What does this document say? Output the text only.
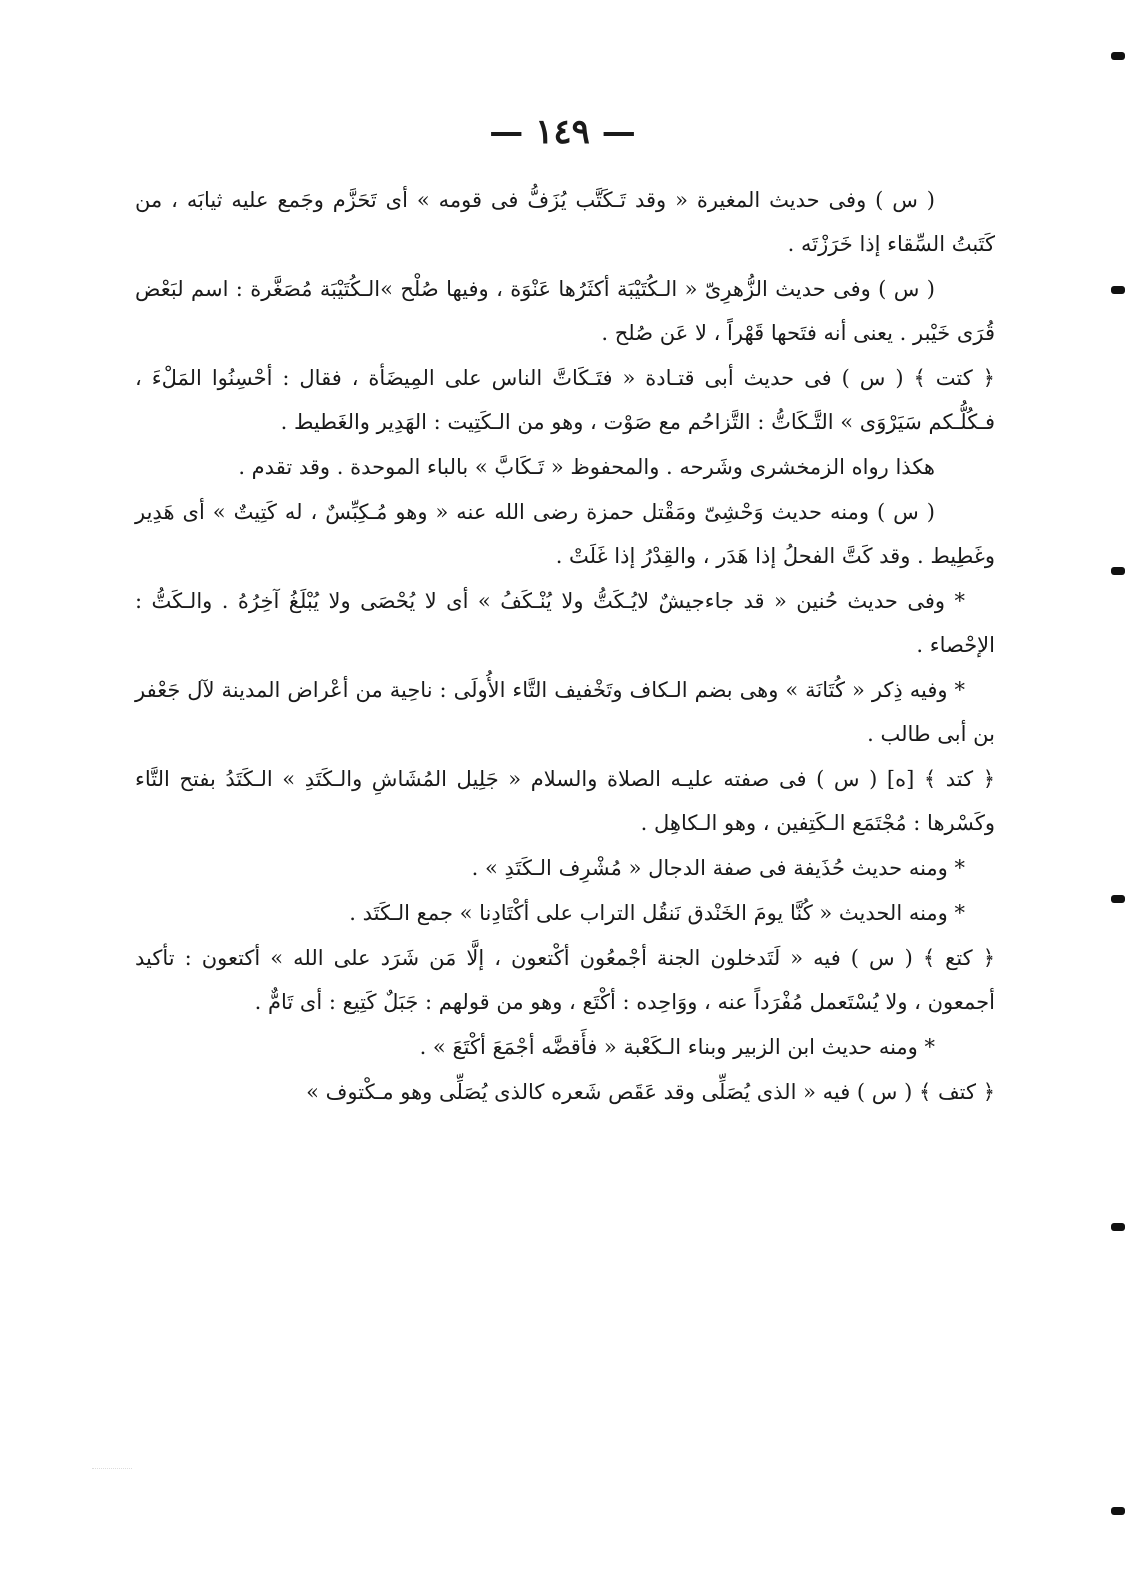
— ١٤٩ —

( س ) وفى حديث المغيرة « وقد تَـكَتَّب يُزَفُّ فى قومه » أى تَحَزَّم وجَمع عليه ثيابَه ، من كَتَبتُ السِّقاء إذا خَرَزْتَه .

( س ) وفى حديث الزُّهرِىّ « الـكُتَيْبَة أكثَرُها عَنْوَة ، وفيها صُلْح »الـكُتَيْبَة مُصَغَّرة : اسم لبَعْض قُرَى خَيْبر . يعنى أنه فتَحها قَهْراً ، لا عَن صُلح .

﴿ كتت ﴾ ( س ) فى حديث أبى قتـادة « فتَـكَاتَّ الناس على المِيضَأة ، فقال : أحْسِنُوا المَلْءَ ، فـكُلُّـكم سَيَرْوَى » التَّـكَاتُّ : التَّزاحُم مع صَوْت ، وهو من الـكَتِيت : الهَدِير والغَطيط .

هكذا رواه الزمخشرى وشَرحه . والمحفوظ « تَـكَابَّ » بالباء الموحدة . وقد تقدم .

( س ) ومنه حديث وَحْشِىّ ومَقْتل حمزة رضى الله عنه « وهو مُـكِبِّسٌ ، له كَتِيتٌ » أى هَدِير وغَطِيط . وقد كَتَّ الفحلُ إذا هَدَر ، والقِدْرُ إذا غَلَتْ .

* وفى حديث حُنين « قد جاءجيشٌ لايُـكَتُّ ولا يُنْـكَفُ » أى لا يُحْصَى ولا يُبْلَغُ آخِرُهُ . والـكَتُّ : الإحْصاء .

* وفيه ذِكر « كُتَانَة » وهى بضم الـكاف وتَخْفيف التَّاء الأُولَى : ناحِية من أعْراض المدينة لآل جَعْفر بن أبى طالب .

﴿ كتد ﴾ [ه] ( س ) فى صفته عليـه الصلاة والسلام « جَلِيل المُشَاشِ والـكَتَدِ » الـكَتَدُ بفتح التَّاء وكَسْرها : مُجْتَمَع الـكَتِفين ، وهو الـكاهِل .

* ومنه حديث حُذَيفة فى صفة الدجال « مُشْرِف الـكَتَدِ » .

* ومنه الحديث « كُنَّا يومَ الخَنْدق نَنقُل التراب على أكْتَادِنا » جمع الـكَتَد .

﴿ كتع ﴾ ( س ) فيه « لَتَدخلون الجنة أجْمعُون أكْتعون ، إلَّا مَن شَرَد على الله » أكتعون : تأكيد أجمعون ، ولا يُسْتَعمل مُفْرَداً عنه ، ووَاحِده : أكْتَع ، وهو من قولهم : جَبَلٌ كَتِيع : أى تَامٌّ .

* ومنه حديث ابن الزبير وبناء الـكَعْبة « فأَقضَّه أجْمَعَ أكْتَعَ » .

﴿ كتف ﴾ ( س ) فيه « الذى يُصَلِّى وقد عَقَص شَعره كالذى يُصَلِّى وهو مـكْتوف »
